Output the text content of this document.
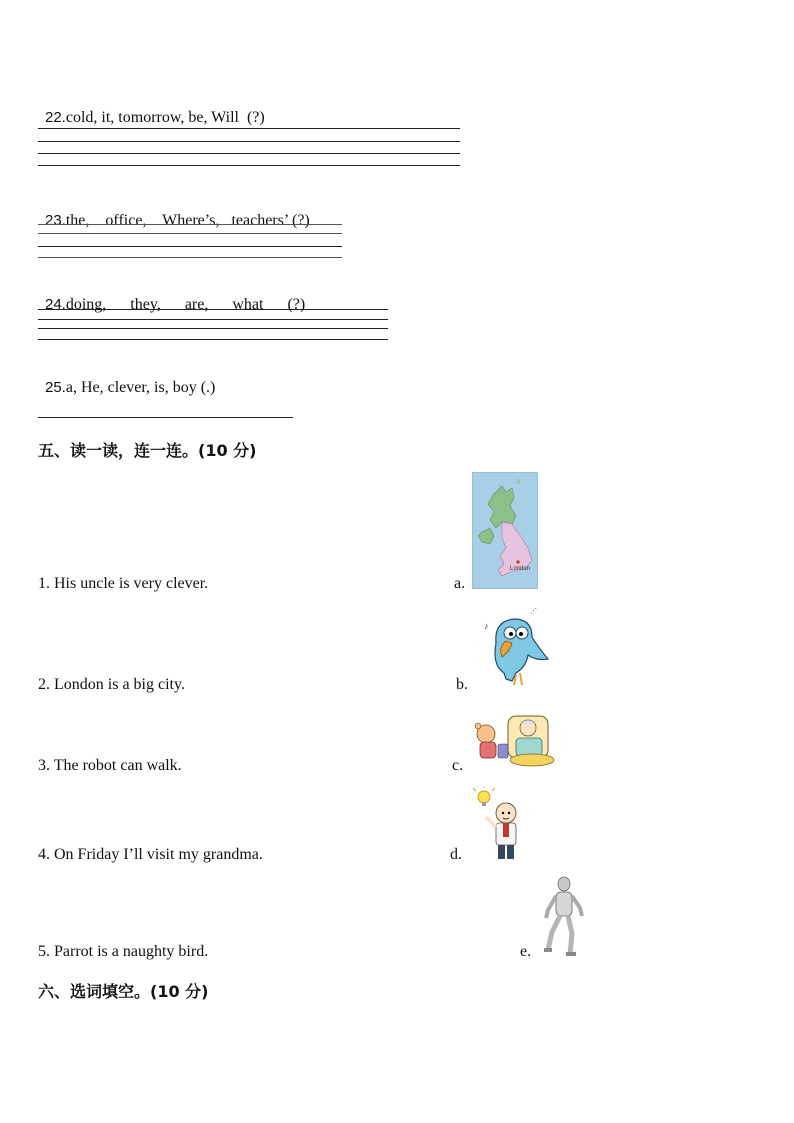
22.cold, it, tomorrow, be, Will  (?)

23.the,    office,    Where’s,   teachers’ (?)

24.doing,      they,      are,      what      (?)

25.a, He, clever, is, boy (.)

五、读一读，连一连。(10 分)
1. His uncle is very clever.
2. London is a big city.
3. The robot can walk.
4. On Friday I’ll visit my grandma.
5. Parrot is a naughty bird.
a.
b.
c.
d.
e.
London
♪
⋰
六、选词填空。(10 分)
